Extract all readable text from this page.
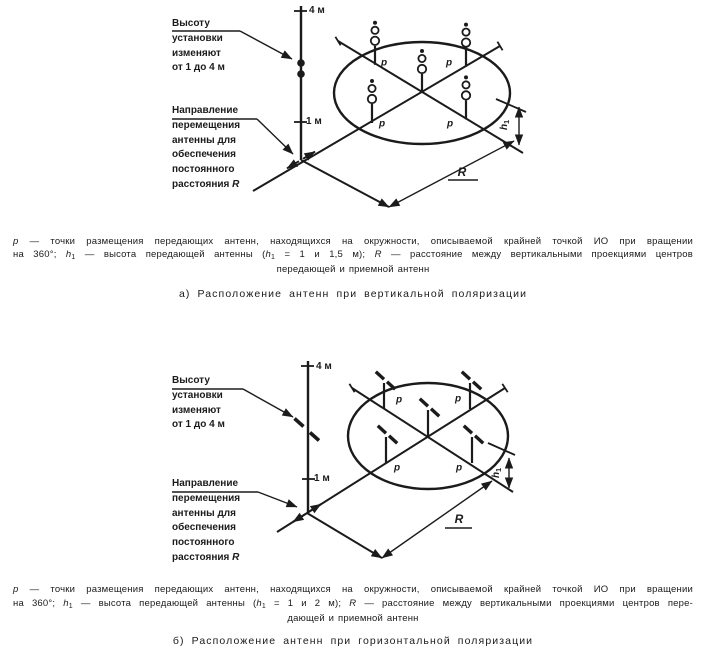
4 м
1 м
Высоту
установки
изменяют
от 1 до 4 м
Направление
перемещения
антенны для
обеспечения
постоянного
расстояния R
p	p
p	p
R
$h_1$
p — точки размещения передающих антенн, находящихся на окружности, описываемой крайней точкой ИО при вращении
на 360°; $h_1$ — высота передающей антенны ($h_1 = 1$ и 1,5 м); R — расстояние между вертикальными проекциями центров
передающей и приемной антенн
а) Расположение антенн при вертикальной поляризации
4 м
1 м
Высоту
установки
изменяют
от 1 до 4 м
Направление
перемещения
антенны для
обеспечения
постоянного
расстояния R
p	p
p	p
R
$h_1$
p — точки размещения передающих антенн, находящихся на окружности, описываемой крайней точкой ИО при вращении
на 360°; $h_1$ — высота передающей антенны ($h_1 = 1$ и 2 м); R — расстояние между вертикальными проекциями центров пере-
дающей и приемной антенн
б) Расположение антенн при горизонтальной поляризации
